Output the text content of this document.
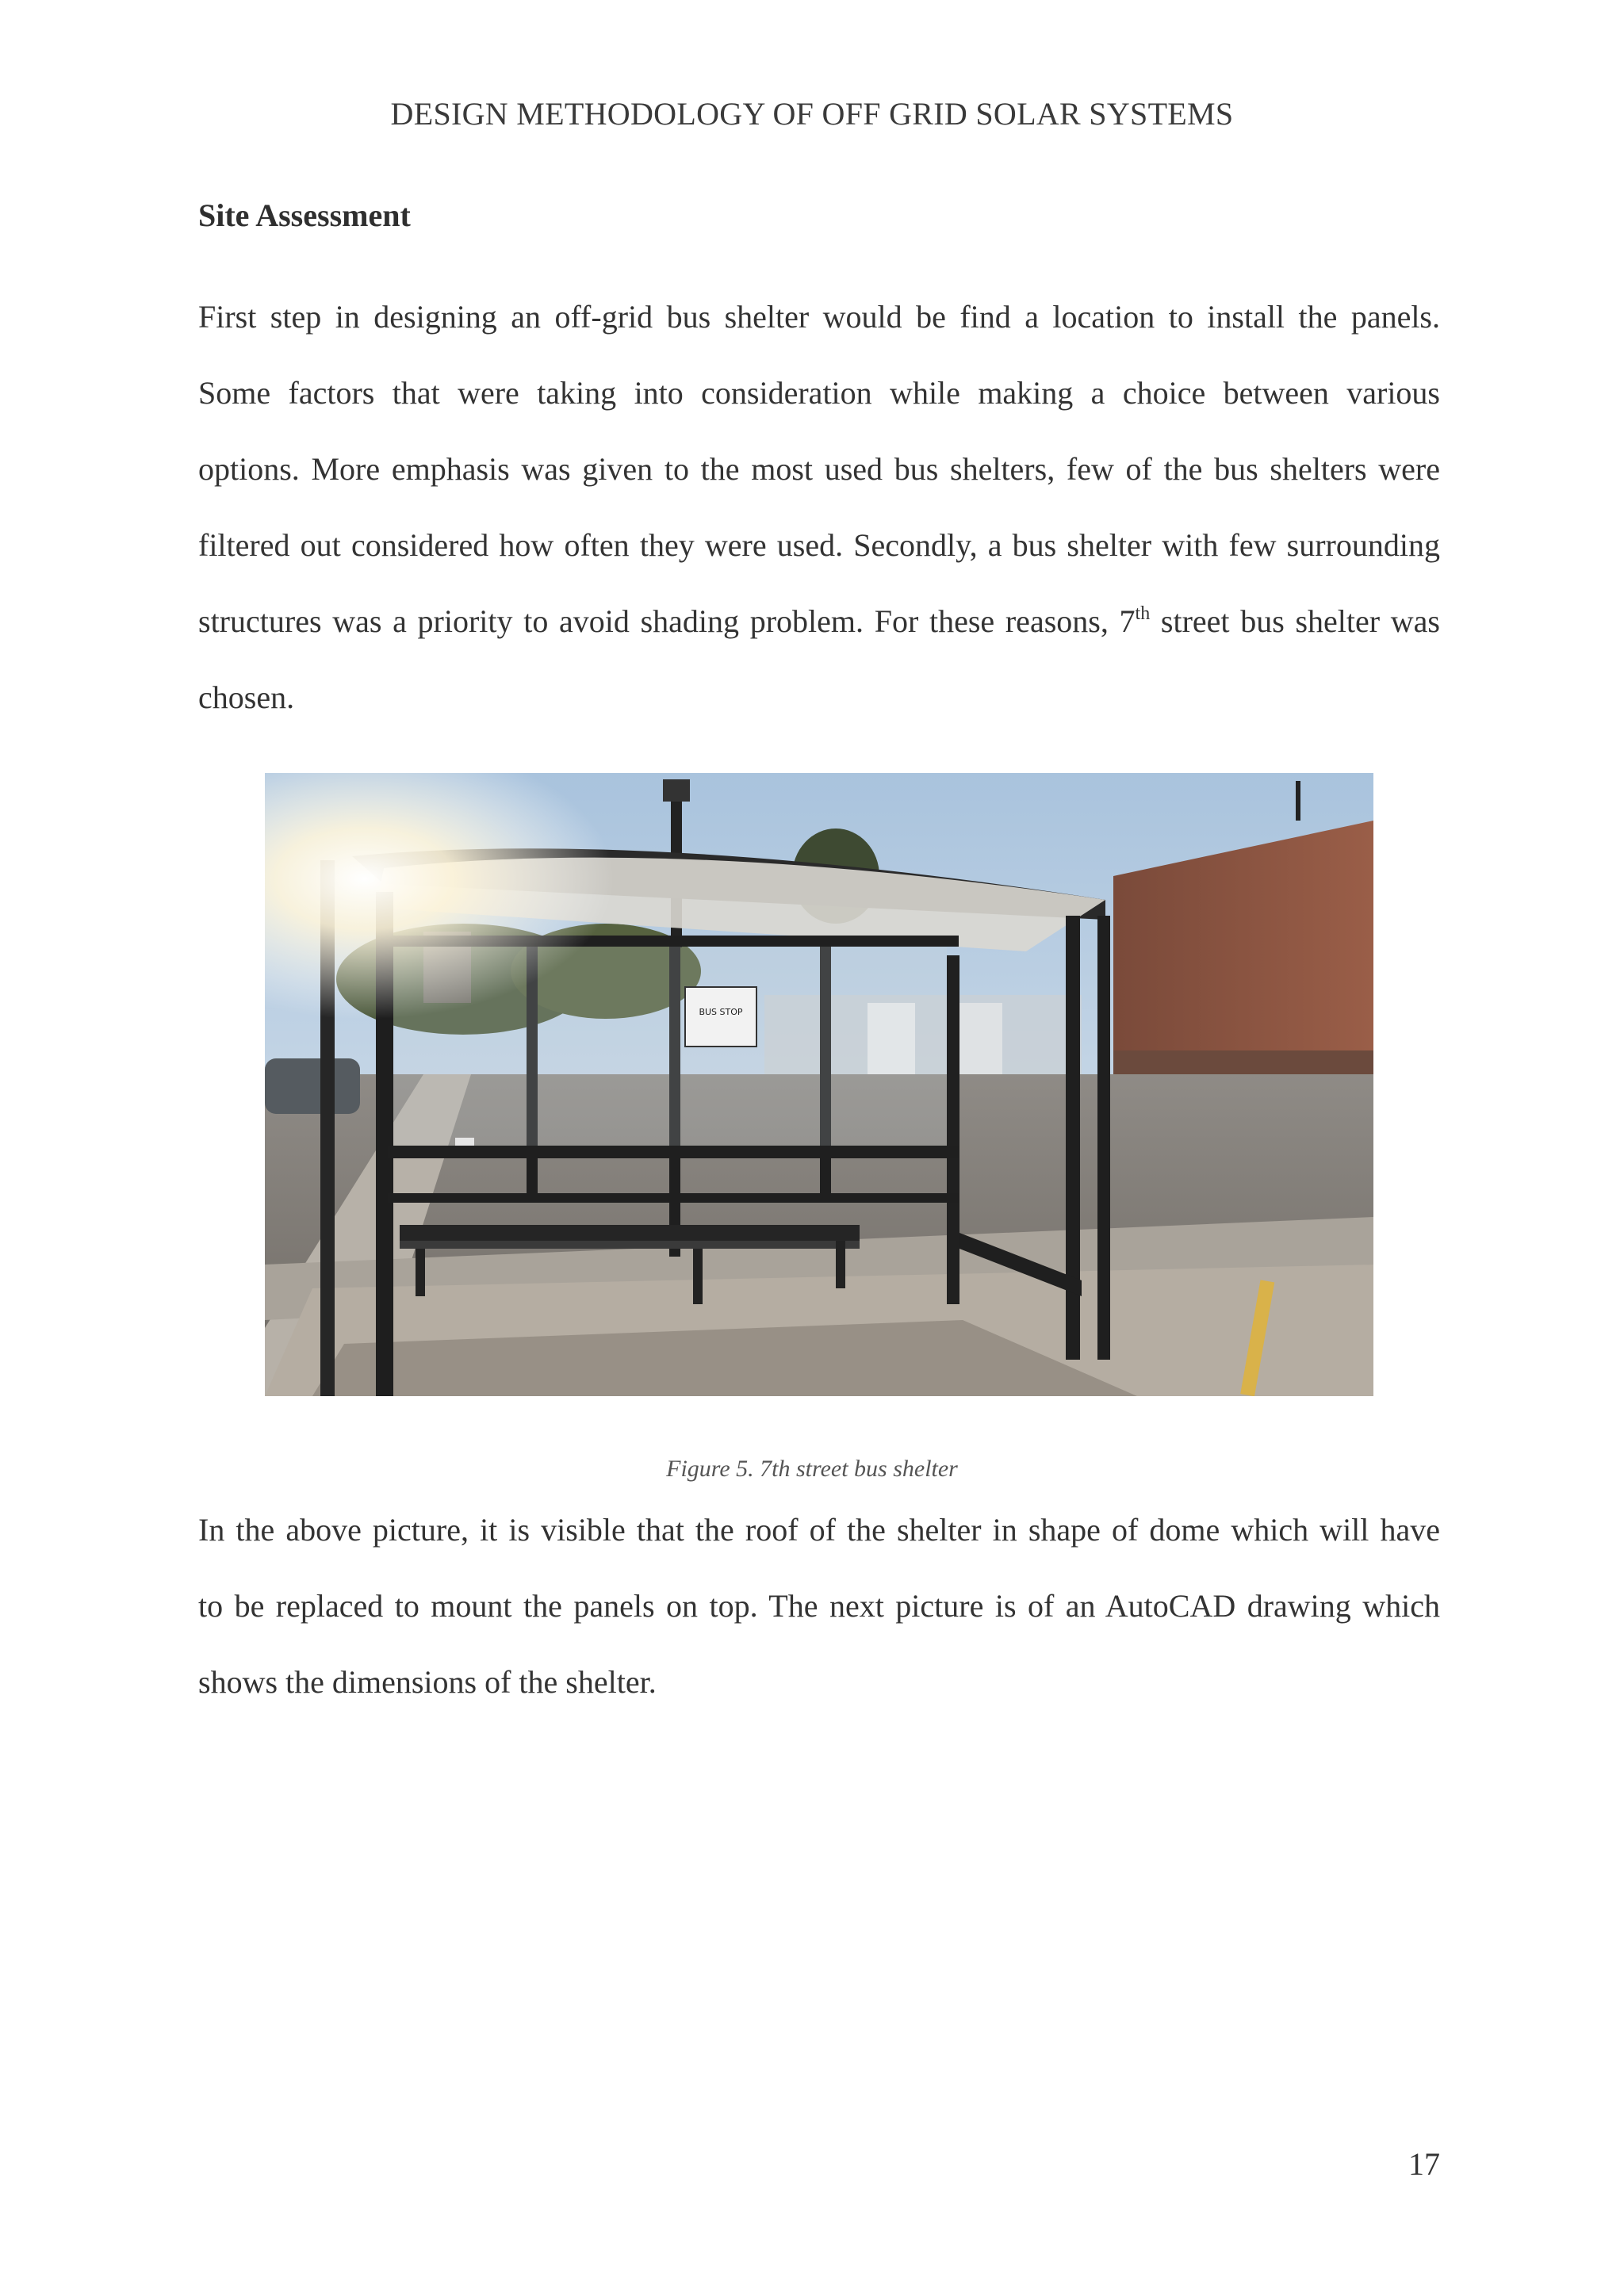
DESIGN METHODOLOGY OF OFF GRID SOLAR SYSTEMS
Site Assessment
First step in designing an off-grid bus shelter would be find a location to install the panels.
Some factors that were taking into consideration while making a choice between various
options. More emphasis was given to the most used bus shelters, few of the bus shelters were
filtered out considered how often they were used. Secondly, a bus shelter with few surrounding
structures was a priority to avoid shading problem. For these reasons, 7th street bus shelter was
chosen.
Figure 5. 7th street bus shelter
In the above picture, it is visible that the roof of the shelter in shape of dome which will have
to be replaced to mount the panels on top. The next picture is of an AutoCAD drawing which
shows the dimensions of the shelter.
17
